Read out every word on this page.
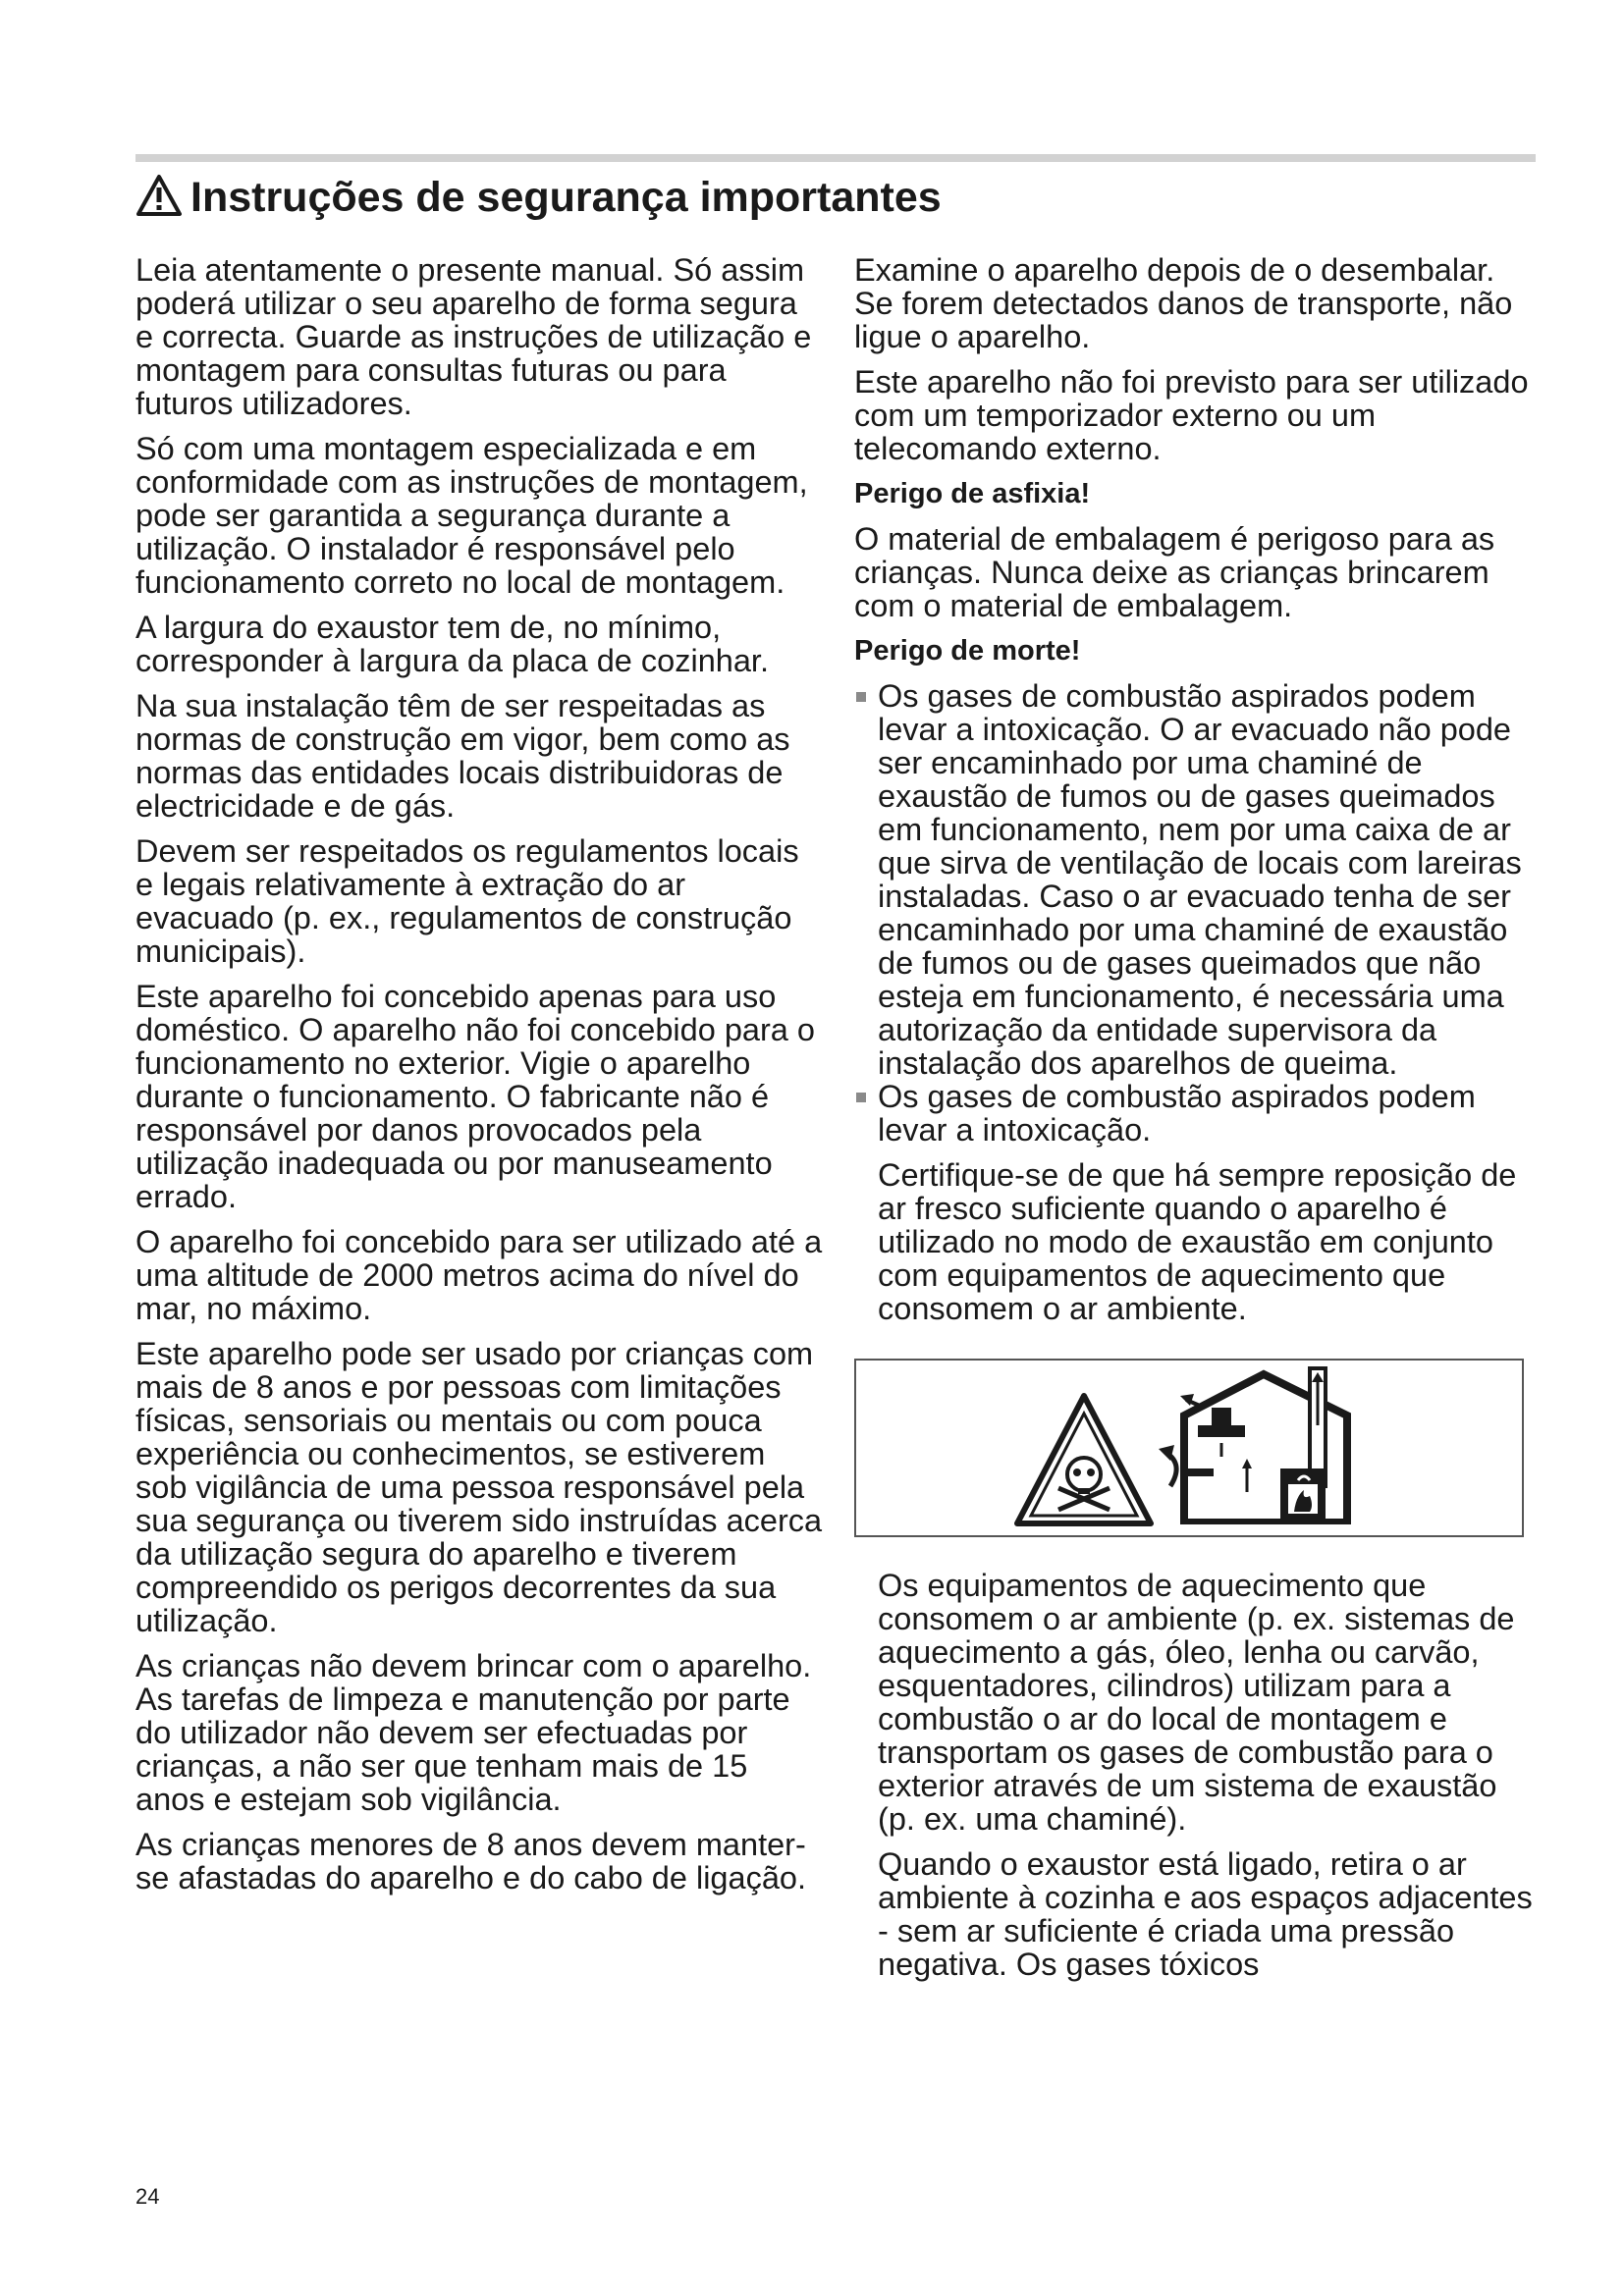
Instruções de segurança importantes

Leia atentamente o presente manual. Só assim poderá utilizar o seu aparelho de forma segura e correcta. Guarde as instruções de utilização e montagem para consultas futuras ou para futuros utilizadores.

Só com uma montagem especializada e em conformidade com as instruções de montagem, pode ser garantida a segurança durante a utilização. O instalador é responsável pelo funcionamento correto no local de montagem.

A largura do exaustor tem de, no mínimo, corresponder à largura da placa de cozinhar.

Na sua instalação têm de ser respeitadas as normas de construção em vigor, bem como as normas das entidades locais distribuidoras de electricidade e de gás.

Devem ser respeitados os regulamentos locais e legais relativamente à extração do ar evacuado (p. ex., regulamentos de construção municipais).

Este aparelho foi concebido apenas para uso doméstico. O aparelho não foi concebido para o funcionamento no exterior. Vigie o aparelho durante o funcionamento. O fabricante não é responsável por danos provocados pela utilização inadequada ou por manuseamento errado.

O aparelho foi concebido para ser utilizado até a uma altitude de 2000 metros acima do nível do mar, no máximo.

Este aparelho pode ser usado por crianças com mais de 8 anos e por pessoas com limitações físicas, sensoriais ou mentais ou com pouca experiência ou conhecimentos, se estiverem sob vigilância de uma pessoa responsável pela sua segurança ou tiverem sido instruídas acerca da utilização segura do aparelho e tiverem compreendido os perigos decorrentes da sua utilização.

As crianças não devem brincar com o aparelho. As tarefas de limpeza e manutenção por parte do utilizador não devem ser efectuadas por crianças, a não ser que tenham mais de 15 anos e estejam sob vigilância.

As crianças menores de 8 anos devem manter-se afastadas do aparelho e do cabo de ligação.

Examine o aparelho depois de o desembalar. Se forem detectados danos de transporte, não ligue o aparelho.

Este aparelho não foi previsto para ser utilizado com um temporizador externo ou um telecomando externo.

Perigo de asfixia!

O material de embalagem é perigoso para as crianças. Nunca deixe as crianças brincarem com o material de embalagem.

Perigo de morte!

Os gases de combustão aspirados podem levar a intoxicação. O ar evacuado não pode ser encaminhado por uma chaminé de exaustão de fumos ou de gases queimados em funcionamento, nem por uma caixa de ar que sirva de ventilação de locais com lareiras instaladas. Caso o ar evacuado tenha de ser encaminhado por uma chaminé de exaustão de fumos ou de gases queimados que não esteja em funcionamento, é necessária uma autorização da entidade supervisora da instalação dos aparelhos de queima.

Os gases de combustão aspirados podem levar a intoxicação.

Certifique-se de que há sempre reposição de ar fresco suficiente quando o aparelho é utilizado no modo de exaustão em conjunto com equipamentos de aquecimento que consomem o ar ambiente.

Os equipamentos de aquecimento que consomem o ar ambiente (p. ex. sistemas de aquecimento a gás, óleo, lenha ou carvão, esquentadores, cilindros) utilizam para a combustão o ar do local de montagem e transportam os gases de combustão para o exterior através de um sistema de exaustão (p. ex. uma chaminé).

Quando o exaustor está ligado, retira o ar ambiente à cozinha e aos espaços adjacentes - sem ar suficiente é criada uma pressão negativa. Os gases tóxicos

24
